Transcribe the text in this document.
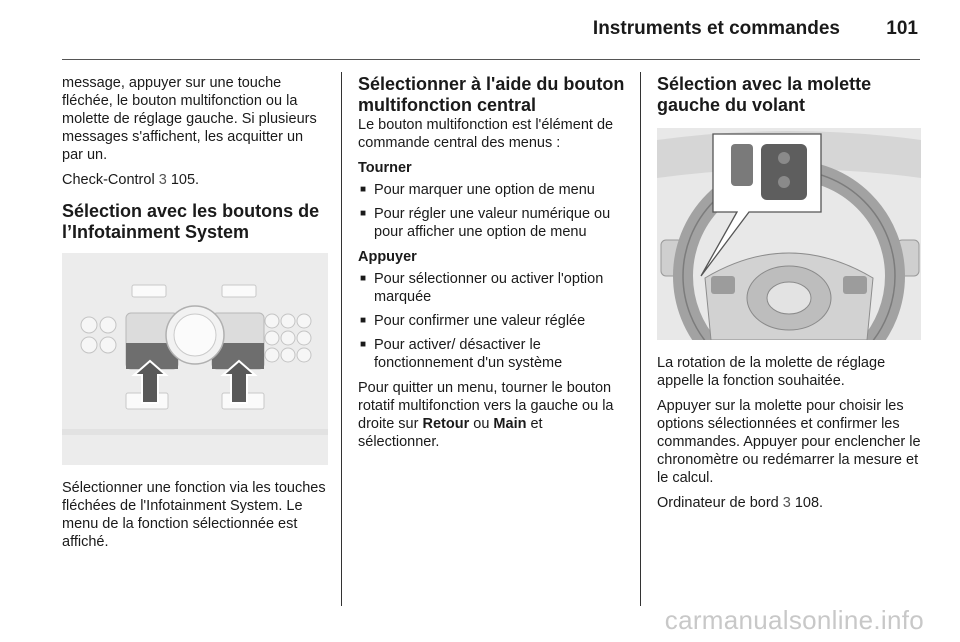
Instruments et commandes 101

message, appuyer sur une touche fléchée, le bouton multifonction ou la molette de réglage gauche. Si plusieurs messages s'affichent, les acquitter un par un.

Check-Control 3 105.

Sélection avec les boutons de l’Infotainment System

Sélectionner une fonction via les touches fléchées de l'Infotainment System. Le menu de la fonction sélectionnée est affiché.

Sélectionner à l'aide du bouton multifonction central

Le bouton multifonction est l'élément de commande central des menus :

Tourner

■ Pour marquer une option de menu
■ Pour régler une valeur numérique ou pour afficher une option de menu

Appuyer

■ Pour sélectionner ou activer l'option marquée
■ Pour confirmer une valeur réglée
■ Pour activer/ désactiver le fonctionnement d'un système

Pour quitter un menu, tourner le bouton rotatif multifonction vers la gauche ou la droite sur Retour ou Main et sélectionner.

Sélection avec la molette gauche du volant

La rotation de la molette de réglage appelle la fonction souhaitée.

Appuyer sur la molette pour choisir les options sélectionnées et confirmer les commandes. Appuyer pour enclencher le chronomètre ou redémarrer la mesure et le calcul.

Ordinateur de bord 3 108.

carmanualsonline.info
